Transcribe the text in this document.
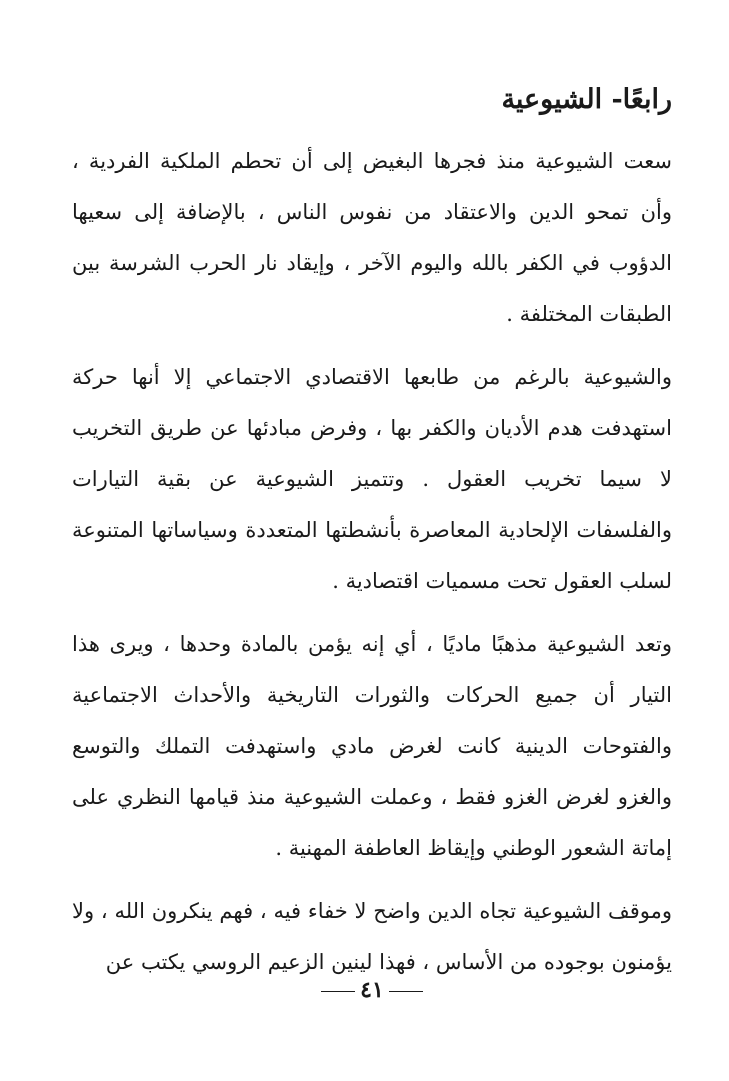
رابعًا- الشيوعية

سعت الشيوعية منذ فجرها البغيض إلى أن تحطم الملكية الفردية ، وأن تمحو الدين والاعتقاد من نفوس الناس ، بالإضافة إلى سعيها الدؤوب في الكفر بالله واليوم الآخر ، وإيقاد نار الحرب الشرسة بين الطبقات المختلفة .

والشيوعية بالرغم من طابعها الاقتصادي الاجتماعي إلا أنها حركة استهدفت هدم الأديان والكفر بها ، وفرض مبادئها عن طريق التخريب لا سيما تخريب العقول . وتتميز الشيوعية عن بقية التيارات والفلسفات الإلحادية المعاصرة بأنشطتها المتعددة وسياساتها المتنوعة لسلب العقول تحت مسميات اقتصادية .

وتعد الشيوعية مذهبًا ماديًا ، أي إنه يؤمن بالمادة وحدها ، ويرى هذا التيار أن جميع الحركات والثورات التاريخية والأحداث الاجتماعية والفتوحات الدينية كانت لغرض مادي واستهدفت التملك والتوسع والغزو لغرض الغزو فقط ، وعملت الشيوعية منذ قيامها النظري على إماتة الشعور الوطني وإيقاظ العاطفة المهنية .

وموقف الشيوعية تجاه الدين واضح لا خفاء فيه ، فهم ينكرون الله ، ولا يؤمنون بوجوده من الأساس ، فهذا لينين الزعيم الروسي يكتب عن

٤١
